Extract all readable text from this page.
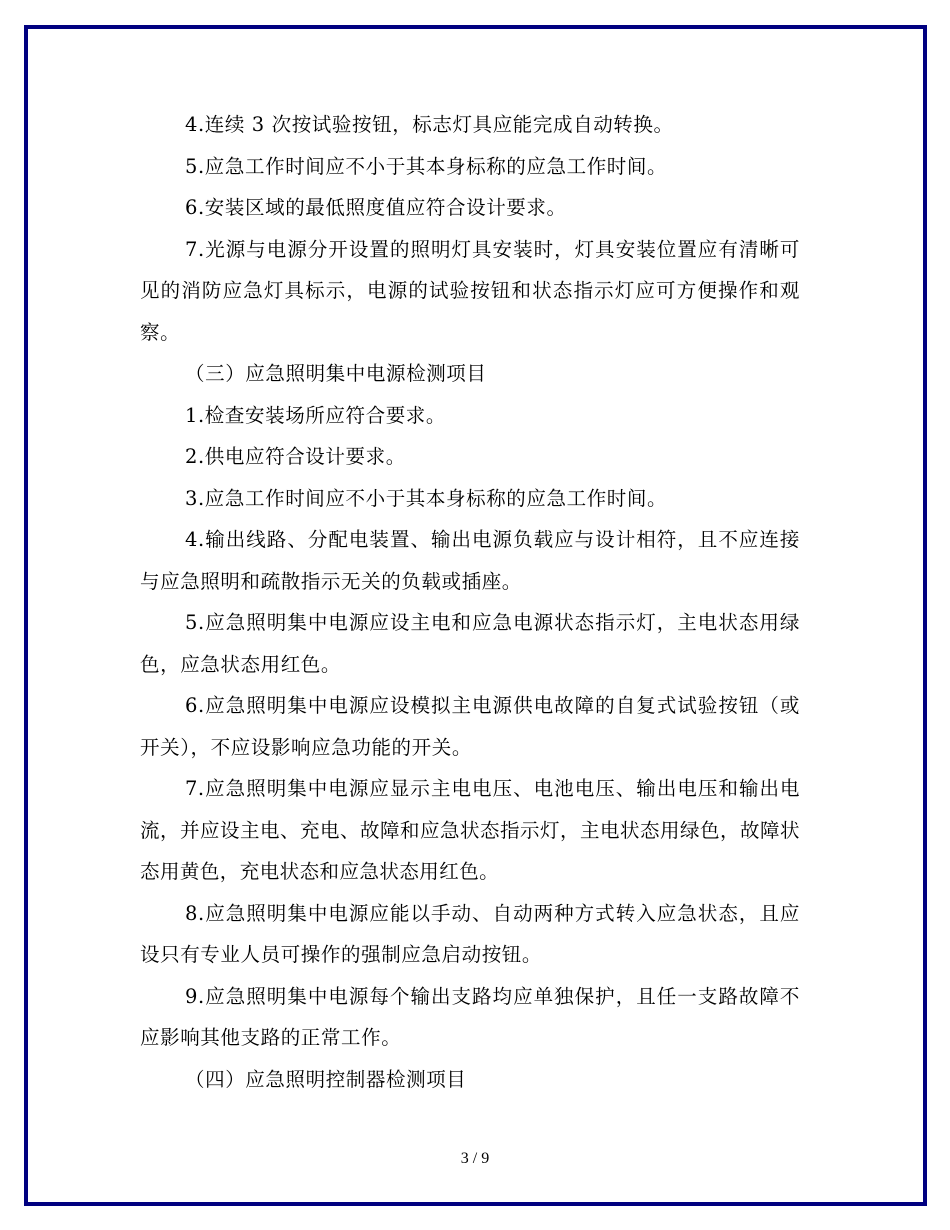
4.连续 3 次按试验按钮，标志灯具应能完成自动转换。

5.应急工作时间应不小于其本身标称的应急工作时间。

6.安装区域的最低照度值应符合设计要求。

7.光源与电源分开设置的照明灯具安装时，灯具安装位置应有清晰可见的消防应急灯具标示，电源的试验按钮和状态指示灯应可方便操作和观察。

（三）应急照明集中电源检测项目

1.检查安装场所应符合要求。

2.供电应符合设计要求。

3.应急工作时间应不小于其本身标称的应急工作时间。

4.输出线路、分配电装置、输出电源负载应与设计相符，且不应连接与应急照明和疏散指示无关的负载或插座。

5.应急照明集中电源应设主电和应急电源状态指示灯，主电状态用绿色，应急状态用红色。

6.应急照明集中电源应设模拟主电源供电故障的自复式试验按钮（或开关），不应设影响应急功能的开关。

7.应急照明集中电源应显示主电电压、电池电压、输出电压和输出电流，并应设主电、充电、故障和应急状态指示灯，主电状态用绿色，故障状态用黄色，充电状态和应急状态用红色。

8.应急照明集中电源应能以手动、自动两种方式转入应急状态，且应设只有专业人员可操作的强制应急启动按钮。

9.应急照明集中电源每个输出支路均应单独保护，且任一支路故障不应影响其他支路的正常工作。

（四）应急照明控制器检测项目

3 / 9
